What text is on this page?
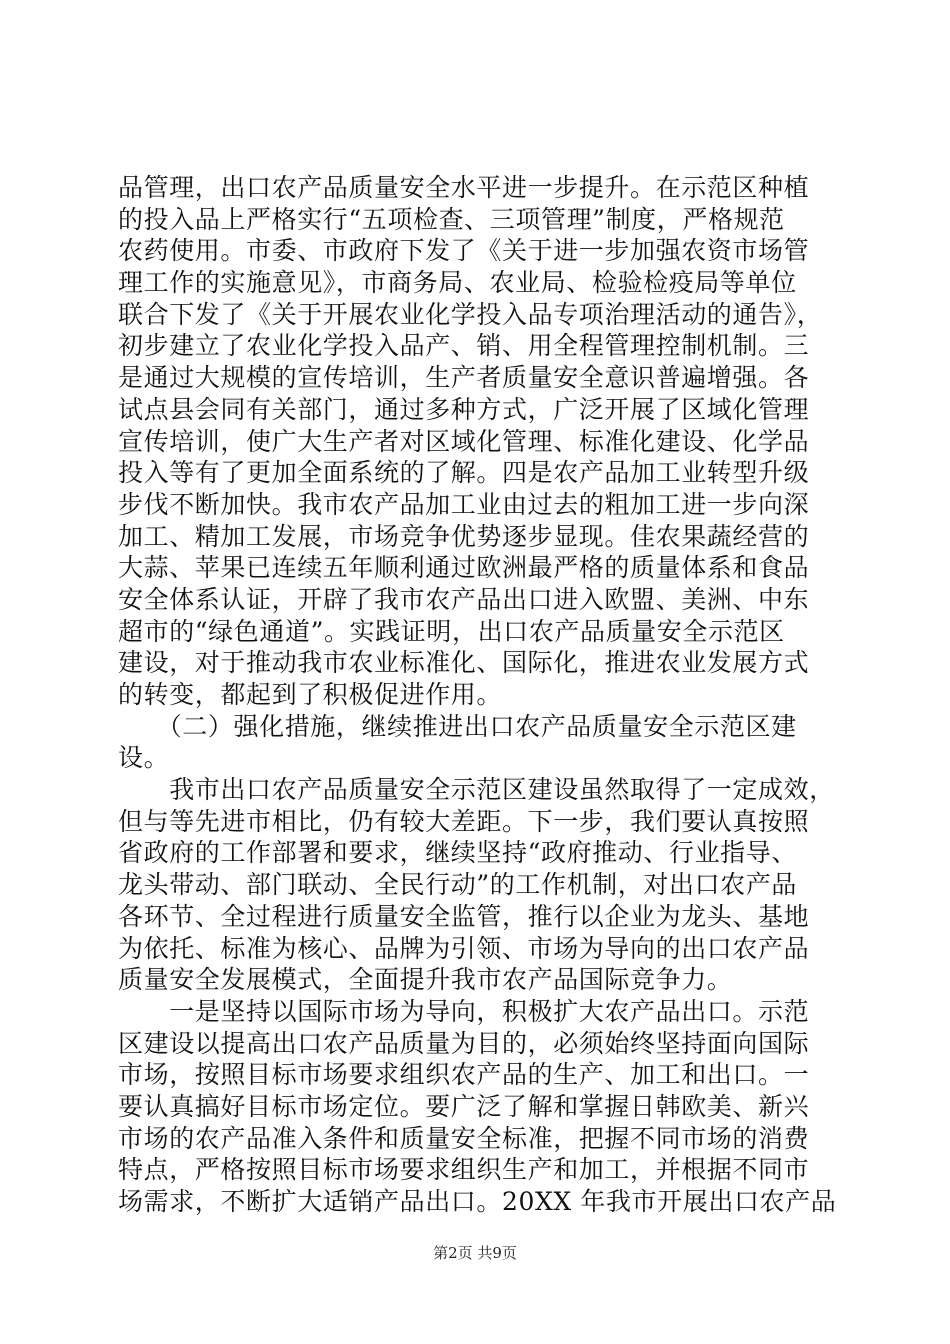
品管理，出口农产品质量安全水平进一步提升。在示范区种植
的投入品上严格实行“五项检查、三项管理”制度，严格规范
农药使用。市委、市政府下发了《关于进一步加强农资市场管
理工作的实施意见》，市商务局、农业局、检验检疫局等单位
联合下发了《关于开展农业化学投入品专项治理活动的通告》，
初步建立了农业化学投入品产、销、用全程管理控制机制。三
是通过大规模的宣传培训，生产者质量安全意识普遍增强。各
试点县会同有关部门，通过多种方式，广泛开展了区域化管理
宣传培训，使广大生产者对区域化管理、标准化建设、化学品
投入等有了更加全面系统的了解。四是农产品加工业转型升级
步伐不断加快。我市农产品加工业由过去的粗加工进一步向深
加工、精加工发展，市场竞争优势逐步显现。佳农果蔬经营的
大蒜、苹果已连续五年顺利通过欧洲最严格的质量体系和食品
安全体系认证，开辟了我市农产品出口进入欧盟、美洲、中东
超市的“绿色通道”。实践证明，出口农产品质量安全示范区
建设，对于推动我市农业标准化、国际化，推进农业发展方式
的转变，都起到了积极促进作用。
　　（二）强化措施，继续推进出口农产品质量安全示范区建
设。
　　我市出口农产品质量安全示范区建设虽然取得了一定成效，
但与等先进市相比，仍有较大差距。下一步，我们要认真按照
省政府的工作部署和要求，继续坚持“政府推动、行业指导、
龙头带动、部门联动、全民行动”的工作机制，对出口农产品
各环节、全过程进行质量安全监管，推行以企业为龙头、基地
为依托、标准为核心、品牌为引领、市场为导向的出口农产品
质量安全发展模式，全面提升我市农产品国际竞争力。
　　一是坚持以国际市场为导向，积极扩大农产品出口。示范
区建设以提高出口农产品质量为目的，必须始终坚持面向国际
市场，按照目标市场要求组织农产品的生产、加工和出口。一
要认真搞好目标市场定位。要广泛了解和掌握日韩欧美、新兴
市场的农产品准入条件和质量安全标准，把握不同市场的消费
特点，严格按照目标市场要求组织生产和加工，并根据不同市
场需求，不断扩大适销产品出口。20XX 年我市开展出口农产品
第2页 共9页
